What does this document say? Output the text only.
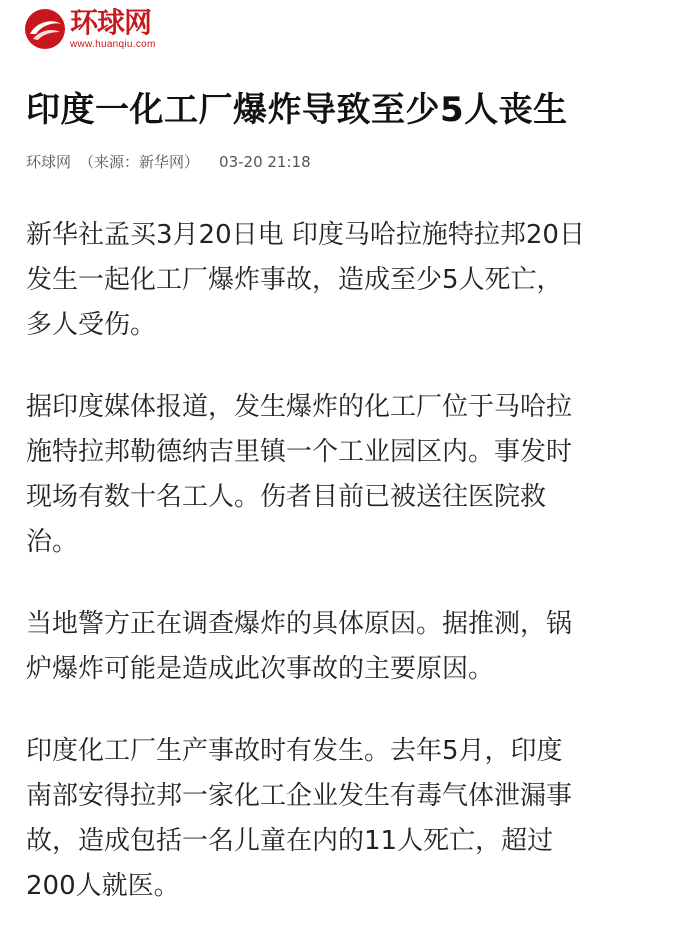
环球网
www.huanqiu.com
印度一化工厂爆炸导致至少5人丧生
环球网 （来源：新华网） 03-20 21:18

新华社孟买3月20日电 印度马哈拉施特拉邦20日
发生一起化工厂爆炸事故，造成至少5人死亡，
多人受伤。

据印度媒体报道，发生爆炸的化工厂位于马哈拉
施特拉邦勒德纳吉里镇一个工业园区内。事发时
现场有数十名工人。伤者目前已被送往医院救
治。

当地警方正在调查爆炸的具体原因。据推测，锅
炉爆炸可能是造成此次事故的主要原因。

印度化工厂生产事故时有发生。去年5月，印度
南部安得拉邦一家化工企业发生有毒气体泄漏事
故，造成包括一名儿童在内的11人死亡，超过
200人就医。
